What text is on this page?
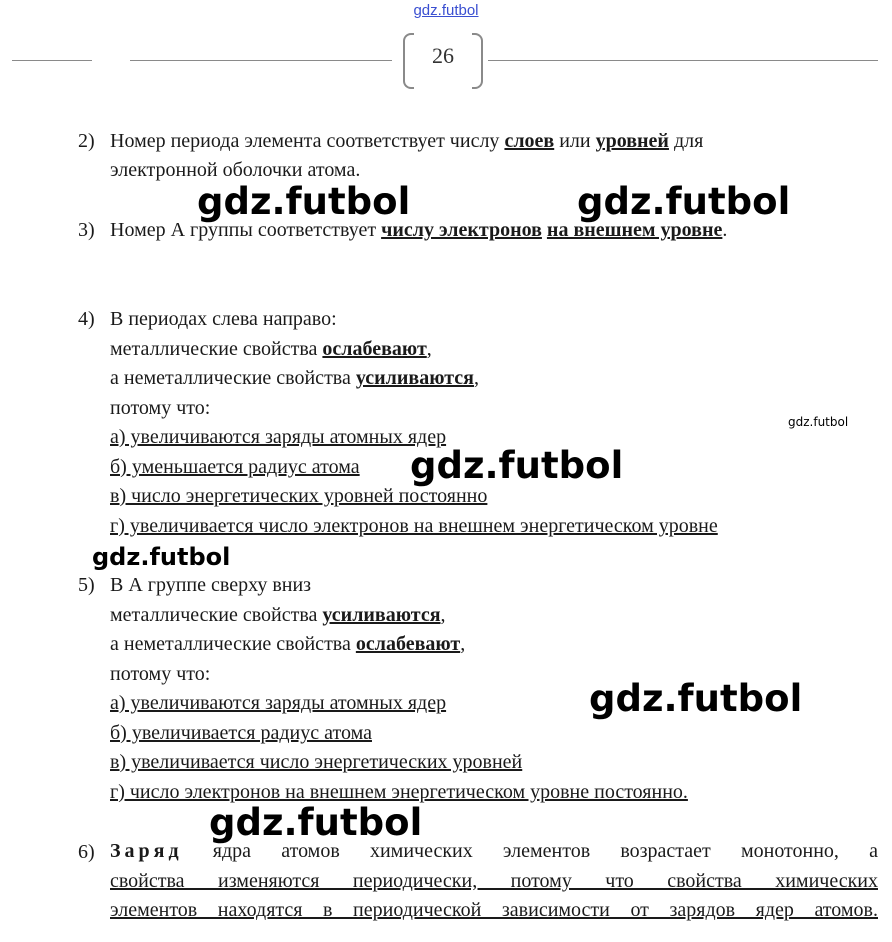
gdz.futbol
26
2) Номер периода элемента соответствует числу слоев или уровней для
электронной оболочки атома.
3) Номер А группы соответствует числу электронов на внешнем уровне.
4) В периодах слева направо:
металлические свойства ослабевают,
а неметаллические свойства усиливаются,
потому что:
а) увеличиваются заряды атомных ядер
б) уменьшается радиус атома
в) число энергетических уровней постоянно
г) увеличивается число электронов на внешнем энергетическом уровне
5) В А группе сверху вниз
металлические свойства усиливаются,
а неметаллические свойства ослабевают,
потому что:
а) увеличиваются заряды атомных ядер
б) увеличивается радиус атома
в) увеличивается число энергетических уровней
г) число электронов на внешнем энергетическом уровне постоянно.
6) Заряд ядра атомов химических элементов возрастает монотонно, а
свойства изменяются периодически, потому что свойства химических
элементов находятся в периодической зависимости от зарядов ядер атомов.
gdz.futbol	gdz.futbol
gdz.futbol
gdz.futbol
gdz.futbol
gdz.futbol
gdz.futbol
